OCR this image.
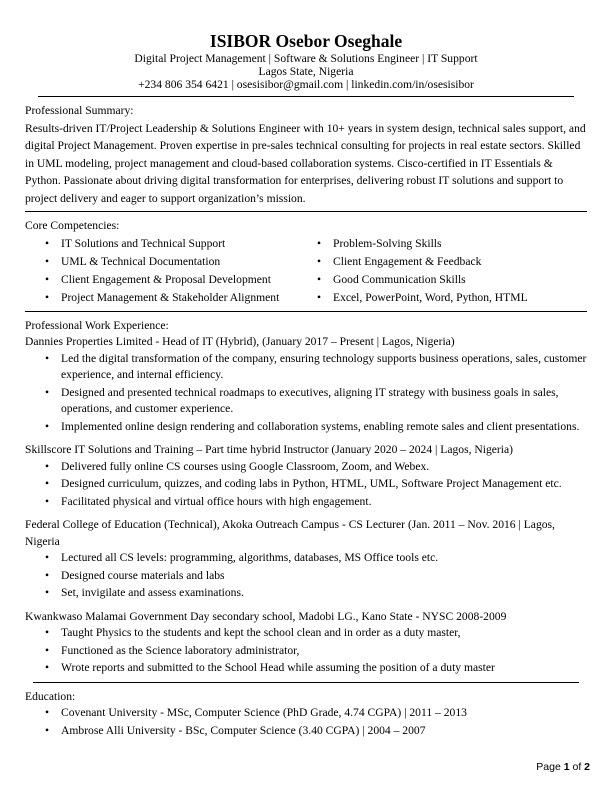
ISIBOR Osebor Oseghale
Digital Project Management | Software & Solutions Engineer | IT Support
Lagos State, Nigeria
+234 806 354 6421 | osesisibor@gmail.com | linkedin.com/in/osesisibor
Professional Summary:

Results-driven IT/Project Leadership & Solutions Engineer with 10+ years in system design, technical sales support, and digital Project Management. Proven expertise in pre-sales technical consulting for projects in real estate sectors. Skilled in UML modeling, project management and cloud-based collaboration systems. Cisco-certified in IT Essentials & Python. Passionate about driving digital transformation for enterprises, delivering robust IT solutions and support to project delivery and eager to support organization’s mission.

Core Competencies:
• IT Solutions and Technical Support
• UML & Technical Documentation
• Client Engagement & Proposal Development
• Project Management & Stakeholder Alignment
• Problem-Solving Skills
• Client Engagement & Feedback
• Good Communication Skills
• Excel, PowerPoint, Word, Python, HTML
Professional Work Experience:
Dannies Properties Limited - Head of IT (Hybrid), (January 2017 – Present | Lagos, Nigeria)
• Led the digital transformation of the company, ensuring technology supports business operations, sales, customer experience, and internal efficiency.
• Designed and presented technical roadmaps to executives, aligning IT strategy with business goals in sales, operations, and customer experience.
• Implemented online design rendering and collaboration systems, enabling remote sales and client presentations.
Skillscore IT Solutions and Training – Part time hybrid Instructor (January 2020 – 2024 | Lagos, Nigeria)
• Delivered fully online CS courses using Google Classroom, Zoom, and Webex.
• Designed curriculum, quizzes, and coding labs in Python, HTML, UML, Software Project Management etc.
• Facilitated physical and virtual office hours with high engagement.
Federal College of Education (Technical), Akoka Outreach Campus - CS Lecturer (Jan. 2011 – Nov. 2016 | Lagos, Nigeria
• Lectured all CS levels: programming, algorithms, databases, MS Office tools etc.
• Designed course materials and labs
• Set, invigilate and assess examinations.
Kwankwaso Malamai Government Day secondary school, Madobi LG., Kano State - NYSC 2008-2009
• Taught Physics to the students and kept the school clean and in order as a duty master,
• Functioned as the Science laboratory administrator,
• Wrote reports and submitted to the School Head while assuming the position of a duty master
Education:
• Covenant University - MSc, Computer Science (PhD Grade, 4.74 CGPA) | 2011 – 2013
• Ambrose Alli University - BSc, Computer Science (3.40 CGPA) | 2004 – 2007
Page 1 of 2
